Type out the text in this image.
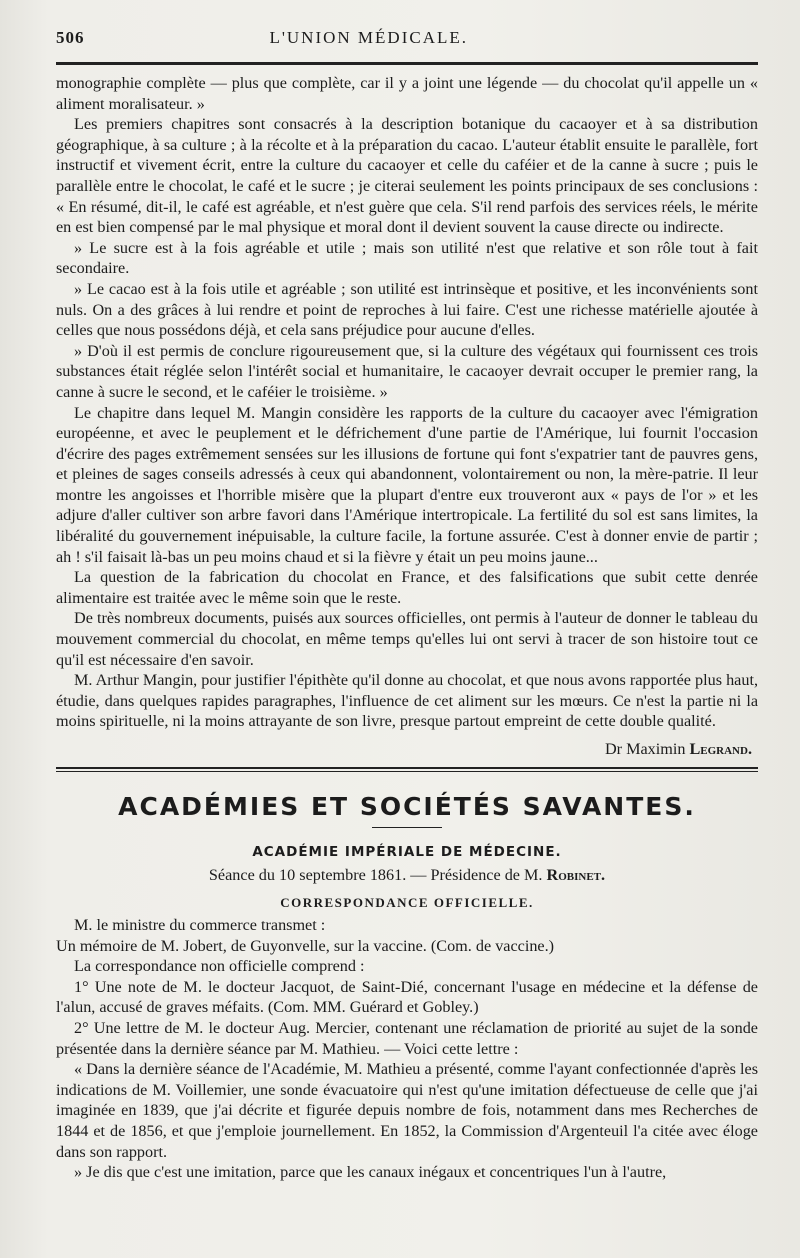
506	L'UNION MÉDICALE.

monographie complète — plus que complète, car il y a joint une légende — du chocolat qu'il appelle un « aliment moralisateur. »

Les premiers chapitres sont consacrés à la description botanique du cacaoyer et à sa distribution géographique, à sa culture ; à la récolte et à la préparation du cacao. L'auteur établit ensuite le parallèle, fort instructif et vivement écrit, entre la culture du cacaoyer et celle du caféier et de la canne à sucre ; puis le parallèle entre le chocolat, le café et le sucre ; je citerai seulement les points principaux de ses conclusions : « En résumé, dit-il, le café est agréable, et n'est guère que cela. S'il rend parfois des services réels, le mérite en est bien compensé par le mal physique et moral dont il devient souvent la cause directe ou indirecte.

» Le sucre est à la fois agréable et utile ; mais son utilité n'est que relative et son rôle tout à fait secondaire.

» Le cacao est à la fois utile et agréable ; son utilité est intrinsèque et positive, et les inconvénients sont nuls. On a des grâces à lui rendre et point de reproches à lui faire. C'est une richesse matérielle ajoutée à celles que nous possédons déjà, et cela sans préjudice pour aucune d'elles.

» D'où il est permis de conclure rigoureusement que, si la culture des végétaux qui fournissent ces trois substances était réglée selon l'intérêt social et humanitaire, le cacaoyer devrait occuper le premier rang, la canne à sucre le second, et le caféier le troisième. »

Le chapitre dans lequel M. Mangin considère les rapports de la culture du cacaoyer avec l'émigration européenne, et avec le peuplement et le défrichement d'une partie de l'Amérique, lui fournit l'occasion d'écrire des pages extrêmement sensées sur les illusions de fortune qui font s'expatrier tant de pauvres gens, et pleines de sages conseils adressés à ceux qui abandonnent, volontairement ou non, la mère-patrie. Il leur montre les angoisses et l'horrible misère que la plupart d'entre eux trouveront aux « pays de l'or » et les adjure d'aller cultiver son arbre favori dans l'Amérique intertropicale. La fertilité du sol est sans limites, la libéralité du gouvernement inépuisable, la culture facile, la fortune assurée. C'est à donner envie de partir ; ah ! s'il faisait là-bas un peu moins chaud et si la fièvre y était un peu moins jaune...

La question de la fabrication du chocolat en France, et des falsifications que subit cette denrée alimentaire est traitée avec le même soin que le reste.

De très nombreux documents, puisés aux sources officielles, ont permis à l'auteur de donner le tableau du mouvement commercial du chocolat, en même temps qu'elles lui ont servi à tracer de son histoire tout ce qu'il est nécessaire d'en savoir.

M. Arthur Mangin, pour justifier l'épithète qu'il donne au chocolat, et que nous avons rapportée plus haut, étudie, dans quelques rapides paragraphes, l'influence de cet aliment sur les mœurs. Ce n'est la partie ni la moins spirituelle, ni la moins attrayante de son livre, presque partout empreint de cette double qualité.

Dr Maximin Legrand.
ACADÉMIES ET SOCIÉTÉS SAVANTES.
ACADÉMIE IMPÉRIALE DE MÉDECINE.
Séance du 10 septembre 1861. — Présidence de M. Robinet.
CORRESPONDANCE OFFICIELLE.

M. le ministre du commerce transmet :

Un mémoire de M. Jobert, de Guyonvelle, sur la vaccine. (Com. de vaccine.)

La correspondance non officielle comprend :

1° Une note de M. le docteur Jacquot, de Saint-Dié, concernant l'usage en médecine et la défense de l'alun, accusé de graves méfaits. (Com. MM. Guérard et Gobley.)

2° Une lettre de M. le docteur Aug. Mercier, contenant une réclamation de priorité au sujet de la sonde présentée dans la dernière séance par M. Mathieu. — Voici cette lettre :

« Dans la dernière séance de l'Académie, M. Mathieu a présenté, comme l'ayant confectionnée d'après les indications de M. Voillemier, une sonde évacuatoire qui n'est qu'une imitation défectueuse de celle que j'ai imaginée en 1839, que j'ai décrite et figurée depuis nombre de fois, notamment dans mes Recherches de 1844 et de 1856, et que j'emploie journellement. En 1852, la Commission d'Argenteuil l'a citée avec éloge dans son rapport.

» Je dis que c'est une imitation, parce que les canaux inégaux et concentriques l'un à l'autre,
